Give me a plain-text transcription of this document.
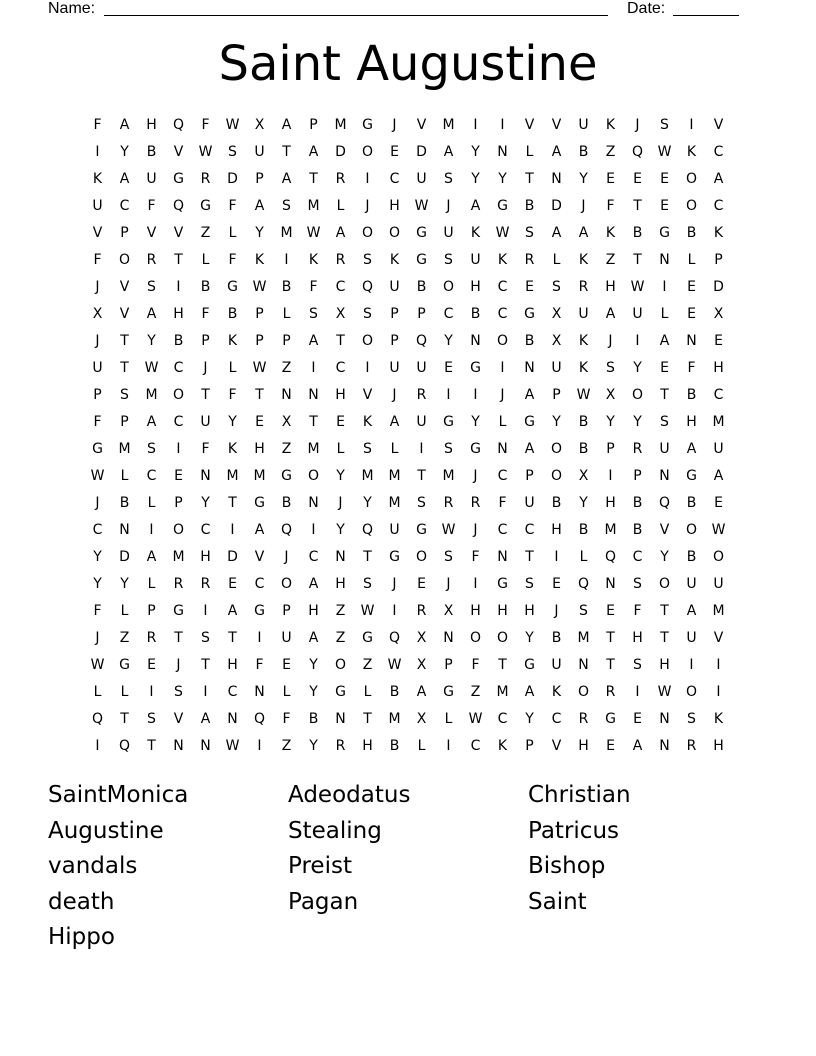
Name:	Date:
Saint Augustine
F	A	H	Q	F	W	X	A	P	M	G	J	V	M	I	I	V	V	U	K	J	S	I	V
I	Y	B	V	W	S	U	T	A	D	O	E	D	A	Y	N	L	A	B	Z	Q	W	K	C
K	A	U	G	R	D	P	A	T	R	I	C	U	S	Y	Y	T	N	Y	E	E	E	O	A
U	C	F	Q	G	F	A	S	M	L	J	H	W	J	A	G	B	D	J	F	T	E	O	C
V	P	V	V	Z	L	Y	M	W	A	O	O	G	U	K	W	S	A	A	K	B	G	B	K
F	O	R	T	L	F	K	I	K	R	S	K	G	S	U	K	R	L	K	Z	T	N	L	P
J	V	S	I	B	G	W	B	F	C	Q	U	B	O	H	C	E	S	R	H	W	I	E	D
X	V	A	H	F	B	P	L	S	X	S	P	P	C	B	C	G	X	U	A	U	L	E	X
J	T	Y	B	P	K	P	P	A	T	O	P	Q	Y	N	O	B	X	K	J	I	A	N	E
U	T	W	C	J	L	W	Z	I	C	I	U	U	E	G	I	N	U	K	S	Y	E	F	H
P	S	M	O	T	F	T	N	N	H	V	J	R	I	I	J	A	P	W	X	O	T	B	C
F	P	A	C	U	Y	E	X	T	E	K	A	U	G	Y	L	G	Y	B	Y	Y	S	H	M
G	M	S	I	F	K	H	Z	M	L	S	L	I	S	G	N	A	O	B	P	R	U	A	U
W	L	C	E	N	M	M	G	O	Y	M	M	T	M	J	C	P	O	X	I	P	N	G	A
J	B	L	P	Y	T	G	B	N	J	Y	M	S	R	R	F	U	B	Y	H	B	Q	B	E
C	N	I	O	C	I	A	Q	I	Y	Q	U	G	W	J	C	C	H	B	M	B	V	O	W
Y	D	A	M	H	D	V	J	C	N	T	G	O	S	F	N	T	I	L	Q	C	Y	B	O
Y	Y	L	R	R	E	C	O	A	H	S	J	E	J	I	G	S	E	Q	N	S	O	U	U
F	L	P	G	I	A	G	P	H	Z	W	I	R	X	H	H	H	J	S	E	F	T	A	M
J	Z	R	T	S	T	I	U	A	Z	G	Q	X	N	O	O	Y	B	M	T	H	T	U	V
W	G	E	J	T	H	F	E	Y	O	Z	W	X	P	F	T	G	U	N	T	S	H	I	I
L	L	I	S	I	C	N	L	Y	G	L	B	A	G	Z	M	A	K	O	R	I	W	O	I
Q	T	S	V	A	N	Q	F	B	N	T	M	X	L	W	C	Y	C	R	G	E	N	S	K
I	Q	T	N	N	W	I	Z	Y	R	H	B	L	I	C	K	P	V	H	E	A	N	R	H
SaintMonica	Adeodatus	Christian
Augustine	Stealing	Patricus
vandals	Preist	Bishop
death	Pagan	Saint
Hippo
